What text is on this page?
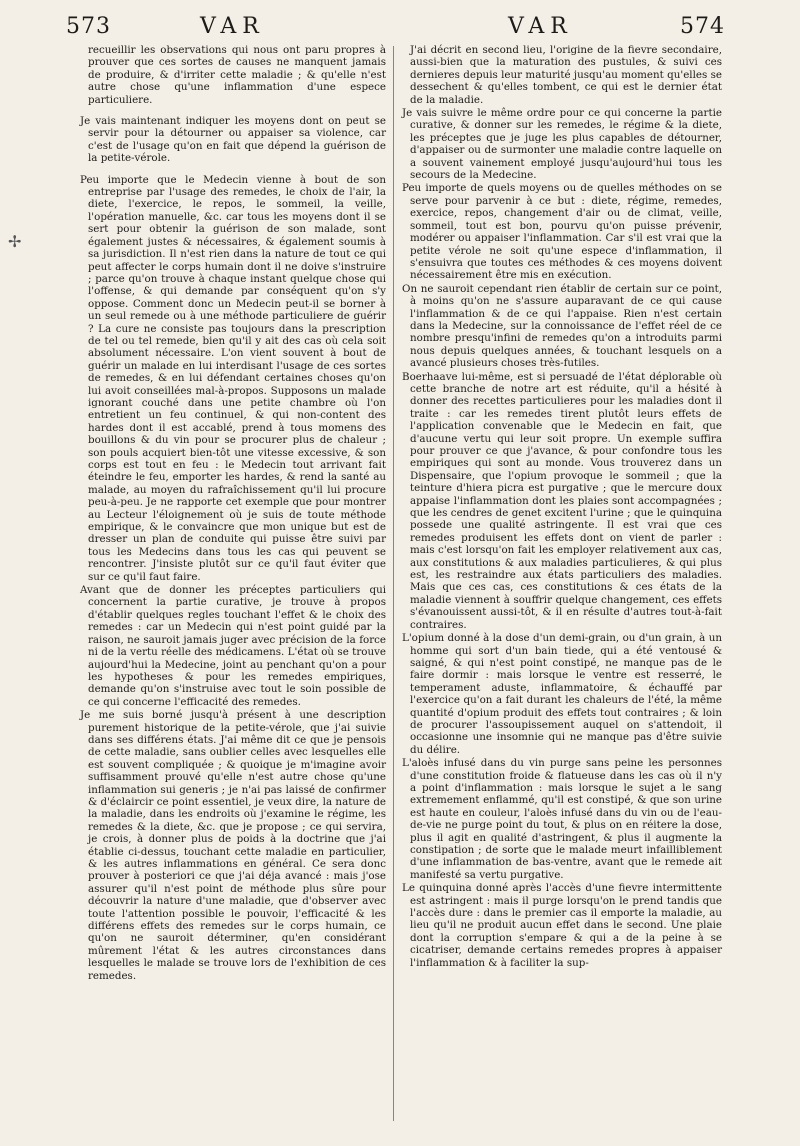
573	VAR	VAR	574
✢

recueillir les observations qui nous ont paru propres à prouver que ces sortes de causes ne manquent jamais de produire, & d'irriter cette maladie ; & qu'elle n'est autre chose qu'une inflammation d'une espece particuliere.

Je vais maintenant indiquer les moyens dont on peut se servir pour la détourner ou appaiser sa violence, car c'est de l'usage qu'on en fait que dépend la guérison de la petite-vérole.

Peu importe que le Medecin vienne à bout de son entreprise par l'usage des remedes, le choix de l'air, la diete, l'exercice, le repos, le sommeil, la veille, l'opération manuelle, &c. car tous les moyens dont il se sert pour obtenir la guérison de son malade, sont également justes & nécessaires, & également soumis à sa jurisdiction. Il n'est rien dans la nature de tout ce qui peut affecter le corps humain dont il ne doive s'instruire ; parce qu'on trouve à chaque instant quelque chose qui l'offense, & qui demande par conséquent qu'on s'y oppose. Comment donc un Medecin peut-il se borner à un seul remede ou à une méthode particuliere de guérir ? La cure ne consiste pas toujours dans la prescription de tel ou tel remede, bien qu'il y ait des cas où cela soit absolument nécessaire. L'on vient souvent à bout de guérir un malade en lui interdisant l'usage de ces sortes de remedes, & en lui défendant certaines choses qu'on lui avoit conseillées mal-à-propos. Supposons un malade ignorant couché dans une petite chambre où l'on entretient un feu continuel, & qui non-content des hardes dont il est accablé, prend à tous momens des bouillons & du vin pour se procurer plus de chaleur ; son pouls acquiert bien-tôt une vitesse excessive, & son corps est tout en feu : le Medecin tout arrivant fait éteindre le feu, emporter les hardes, & rend la santé au malade, au moyen du rafraîchissement qu'il lui procure peu-à-peu. Je ne rapporte cet exemple que pour montrer au Lecteur l'éloignement où je suis de toute méthode empirique, & le convaincre que mon unique but est de dresser un plan de conduite qui puisse être suivi par tous les Medecins dans tous les cas qui peuvent se rencontrer. J'insiste plutôt sur ce qu'il faut éviter que sur ce qu'il faut faire.

Avant que de donner les préceptes particuliers qui concernent la partie curative, je trouve à propos d'établir quelques regles touchant l'effet & le choix des remedes : car un Medecin qui n'est point guidé par la raison, ne sauroit jamais juger avec précision de la force ni de la vertu réelle des médicamens. L'état où se trouve aujourd'hui la Medecine, joint au penchant qu'on a pour les hypotheses & pour les remedes empiriques, demande qu'on s'instruise avec tout le soin possible de ce qui concerne l'efficacité des remedes.

Je me suis borné jusqu'à présent à une description purement historique de la petite-vérole, que j'ai suivie dans ses différens états. J'ai même dit ce que je pensois de cette maladie, sans oublier celles avec lesquelles elle est souvent compliquée ; & quoique je m'imagine avoir suffisamment prouvé qu'elle n'est autre chose qu'une inflammation sui generis ; je n'ai pas laissé de confirmer & d'éclaircir ce point essentiel, je veux dire, la nature de la maladie, dans les endroits où j'examine le régime, les remedes & la diete, &c. que je propose ; ce qui servira, je crois, à donner plus de poids à la doctrine que j'ai établie ci-dessus, touchant cette maladie en particulier, & les autres inflammations en général. Ce sera donc prouver à posteriori ce que j'ai déja avancé : mais j'ose assurer qu'il n'est point de méthode plus sûre pour découvrir la nature d'une maladie, que d'observer avec toute l'attention possible le pouvoir, l'efficacité & les différens effets des remedes sur le corps humain, ce qu'on ne sauroit déterminer, qu'en considérant mûrement l'état & les autres circonstances dans lesquelles le malade se trouve lors de l'exhibition de ces remedes.

J'ai décrit en second lieu, l'origine de la fievre secondaire, aussi-bien que la maturation des pustules, & suivi ces dernieres depuis leur maturité jusqu'au moment qu'elles se dessechent & qu'elles tombent, ce qui est le dernier état de la maladie.

Je vais suivre le même ordre pour ce qui concerne la partie curative, & donner sur les remedes, le régime & la diete, les préceptes que je juge les plus capables de détourner, d'appaiser ou de surmonter une maladie contre laquelle on a souvent vainement employé jusqu'aujourd'hui tous les secours de la Medecine.

Peu importe de quels moyens ou de quelles méthodes on se serve pour parvenir à ce but : diete, régime, remedes, exercice, repos, changement d'air ou de climat, veille, sommeil, tout est bon, pourvu qu'on puisse prévenir, modérer ou appaiser l'inflammation. Car s'il est vrai que la petite vérole ne soit qu'une espece d'inflammation, il s'ensuivra que toutes ces méthodes & ces moyens doivent nécessairement être mis en exécution.

On ne sauroit cependant rien établir de certain sur ce point, à moins qu'on ne s'assure auparavant de ce qui cause l'inflammation & de ce qui l'appaise. Rien n'est certain dans la Medecine, sur la connoissance de l'effet réel de ce nombre presqu'infini de remedes qu'on a introduits parmi nous depuis quelques années, & touchant lesquels on a avancé plusieurs choses très-futiles.

Boerhaave lui-même, est si persuadé de l'état déplorable où cette branche de notre art est réduite, qu'il a hésité à donner des recettes particulieres pour les maladies dont il traite : car les remedes tirent plutôt leurs effets de l'application convenable que le Medecin en fait, que d'aucune vertu qui leur soit propre. Un exemple suffira pour prouver ce que j'avance, & pour confondre tous les empiriques qui sont au monde. Vous trouverez dans un Dispensaire, que l'opium provoque le sommeil ; que la teinture d'hiera picra est purgative ; que le mercure doux appaise l'inflammation dont les plaies sont accompagnées ; que les cendres de genet excitent l'urine ; que le quinquina possede une qualité astringente. Il est vrai que ces remedes produisent les effets dont on vient de parler : mais c'est lorsqu'on fait les employer relativement aux cas, aux constitutions & aux maladies particulieres, & qui plus est, les restraindre aux états particuliers des maladies. Mais que ces cas, ces constitutions & ces états de la maladie viennent à souffrir quelque changement, ces effets s'évanouissent aussi-tôt, & il en résulte d'autres tout-à-fait contraires.

L'opium donné à la dose d'un demi-grain, ou d'un grain, à un homme qui sort d'un bain tiede, qui a été ventousé & saigné, & qui n'est point constipé, ne manque pas de le faire dormir : mais lorsque le ventre est resserré, le temperament aduste, inflammatoire, & échauffé par l'exercice qu'on a fait durant les chaleurs de l'été, la même quantité d'opium produit des effets tout contraires ; & loin de procurer l'assoupissement auquel on s'attendoit, il occasionne une insomnie qui ne manque pas d'être suivie du délire.

L'aloès infusé dans du vin purge sans peine les personnes d'une constitution froide & flatueuse dans les cas où il n'y a point d'inflammation : mais lorsque le sujet a le sang extremement enflammé, qu'il est constipé, & que son urine est haute en couleur, l'aloès infusé dans du vin ou de l'eau-de-vie ne purge point du tout, & plus on en réitere la dose, plus il agit en qualité d'astringent, & plus il augmente la constipation ; de sorte que le malade meurt infailliblement d'une inflammation de bas-ventre, avant que le remede ait manifesté sa vertu purgative.

Le quinquina donné après l'accès d'une fievre intermittente est astringent : mais il purge lorsqu'on le prend tandis que l'accès dure : dans le premier cas il emporte la maladie, au lieu qu'il ne produit aucun effet dans le second. Une plaie dont la corruption s'empare & qui a de la peine à se cicatriser, demande certains remedes propres à appaiser l'inflammation & à faciliter la sup-
